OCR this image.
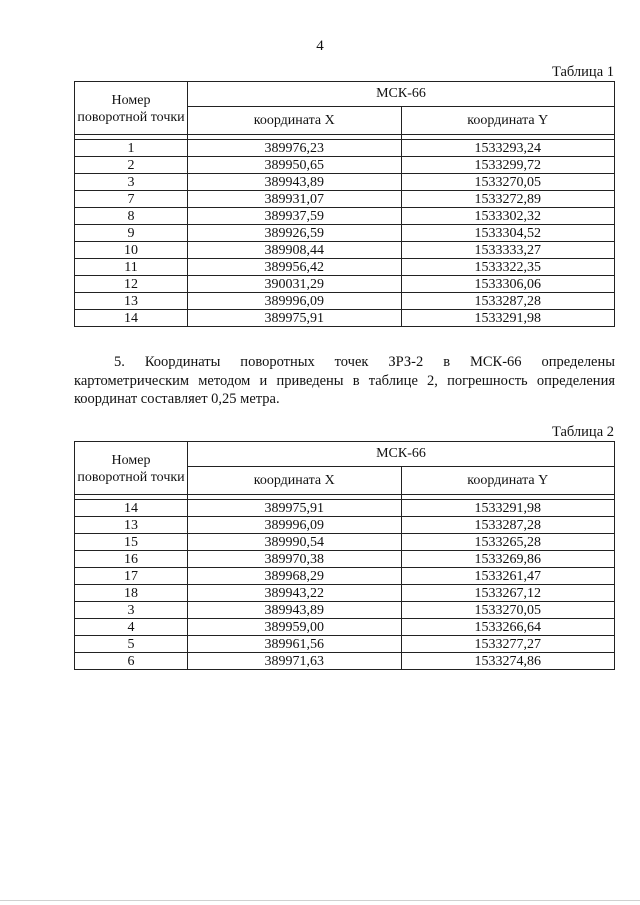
4
Таблица 1
Номер поворотной точки	МСК-66	
	координата X	координата Y

1	389976,23	1533293,24
2	389950,65	1533299,72
3	389943,89	1533270,05
7	389931,07	1533272,89
8	389937,59	1533302,32
9	389926,59	1533304,52
10	389908,44	1533333,27
11	389956,42	1533322,35
12	390031,29	1533306,06
13	389996,09	1533287,28
14	389975,91	1533291,98
5. Координаты поворотных точек ЗРЗ-2 в МСК-66 определены картометрическим методом и приведены в таблице 2, погрешность определения координат составляет 0,25 метра.
Таблица 2
Номер поворотной точки	МСК-66	
	координата X	координата Y

14	389975,91	1533291,98
13	389996,09	1533287,28
15	389990,54	1533265,28
16	389970,38	1533269,86
17	389968,29	1533261,47
18	389943,22	1533267,12
3	389943,89	1533270,05
4	389959,00	1533266,64
5	389961,56	1533277,27
6	389971,63	1533274,86
